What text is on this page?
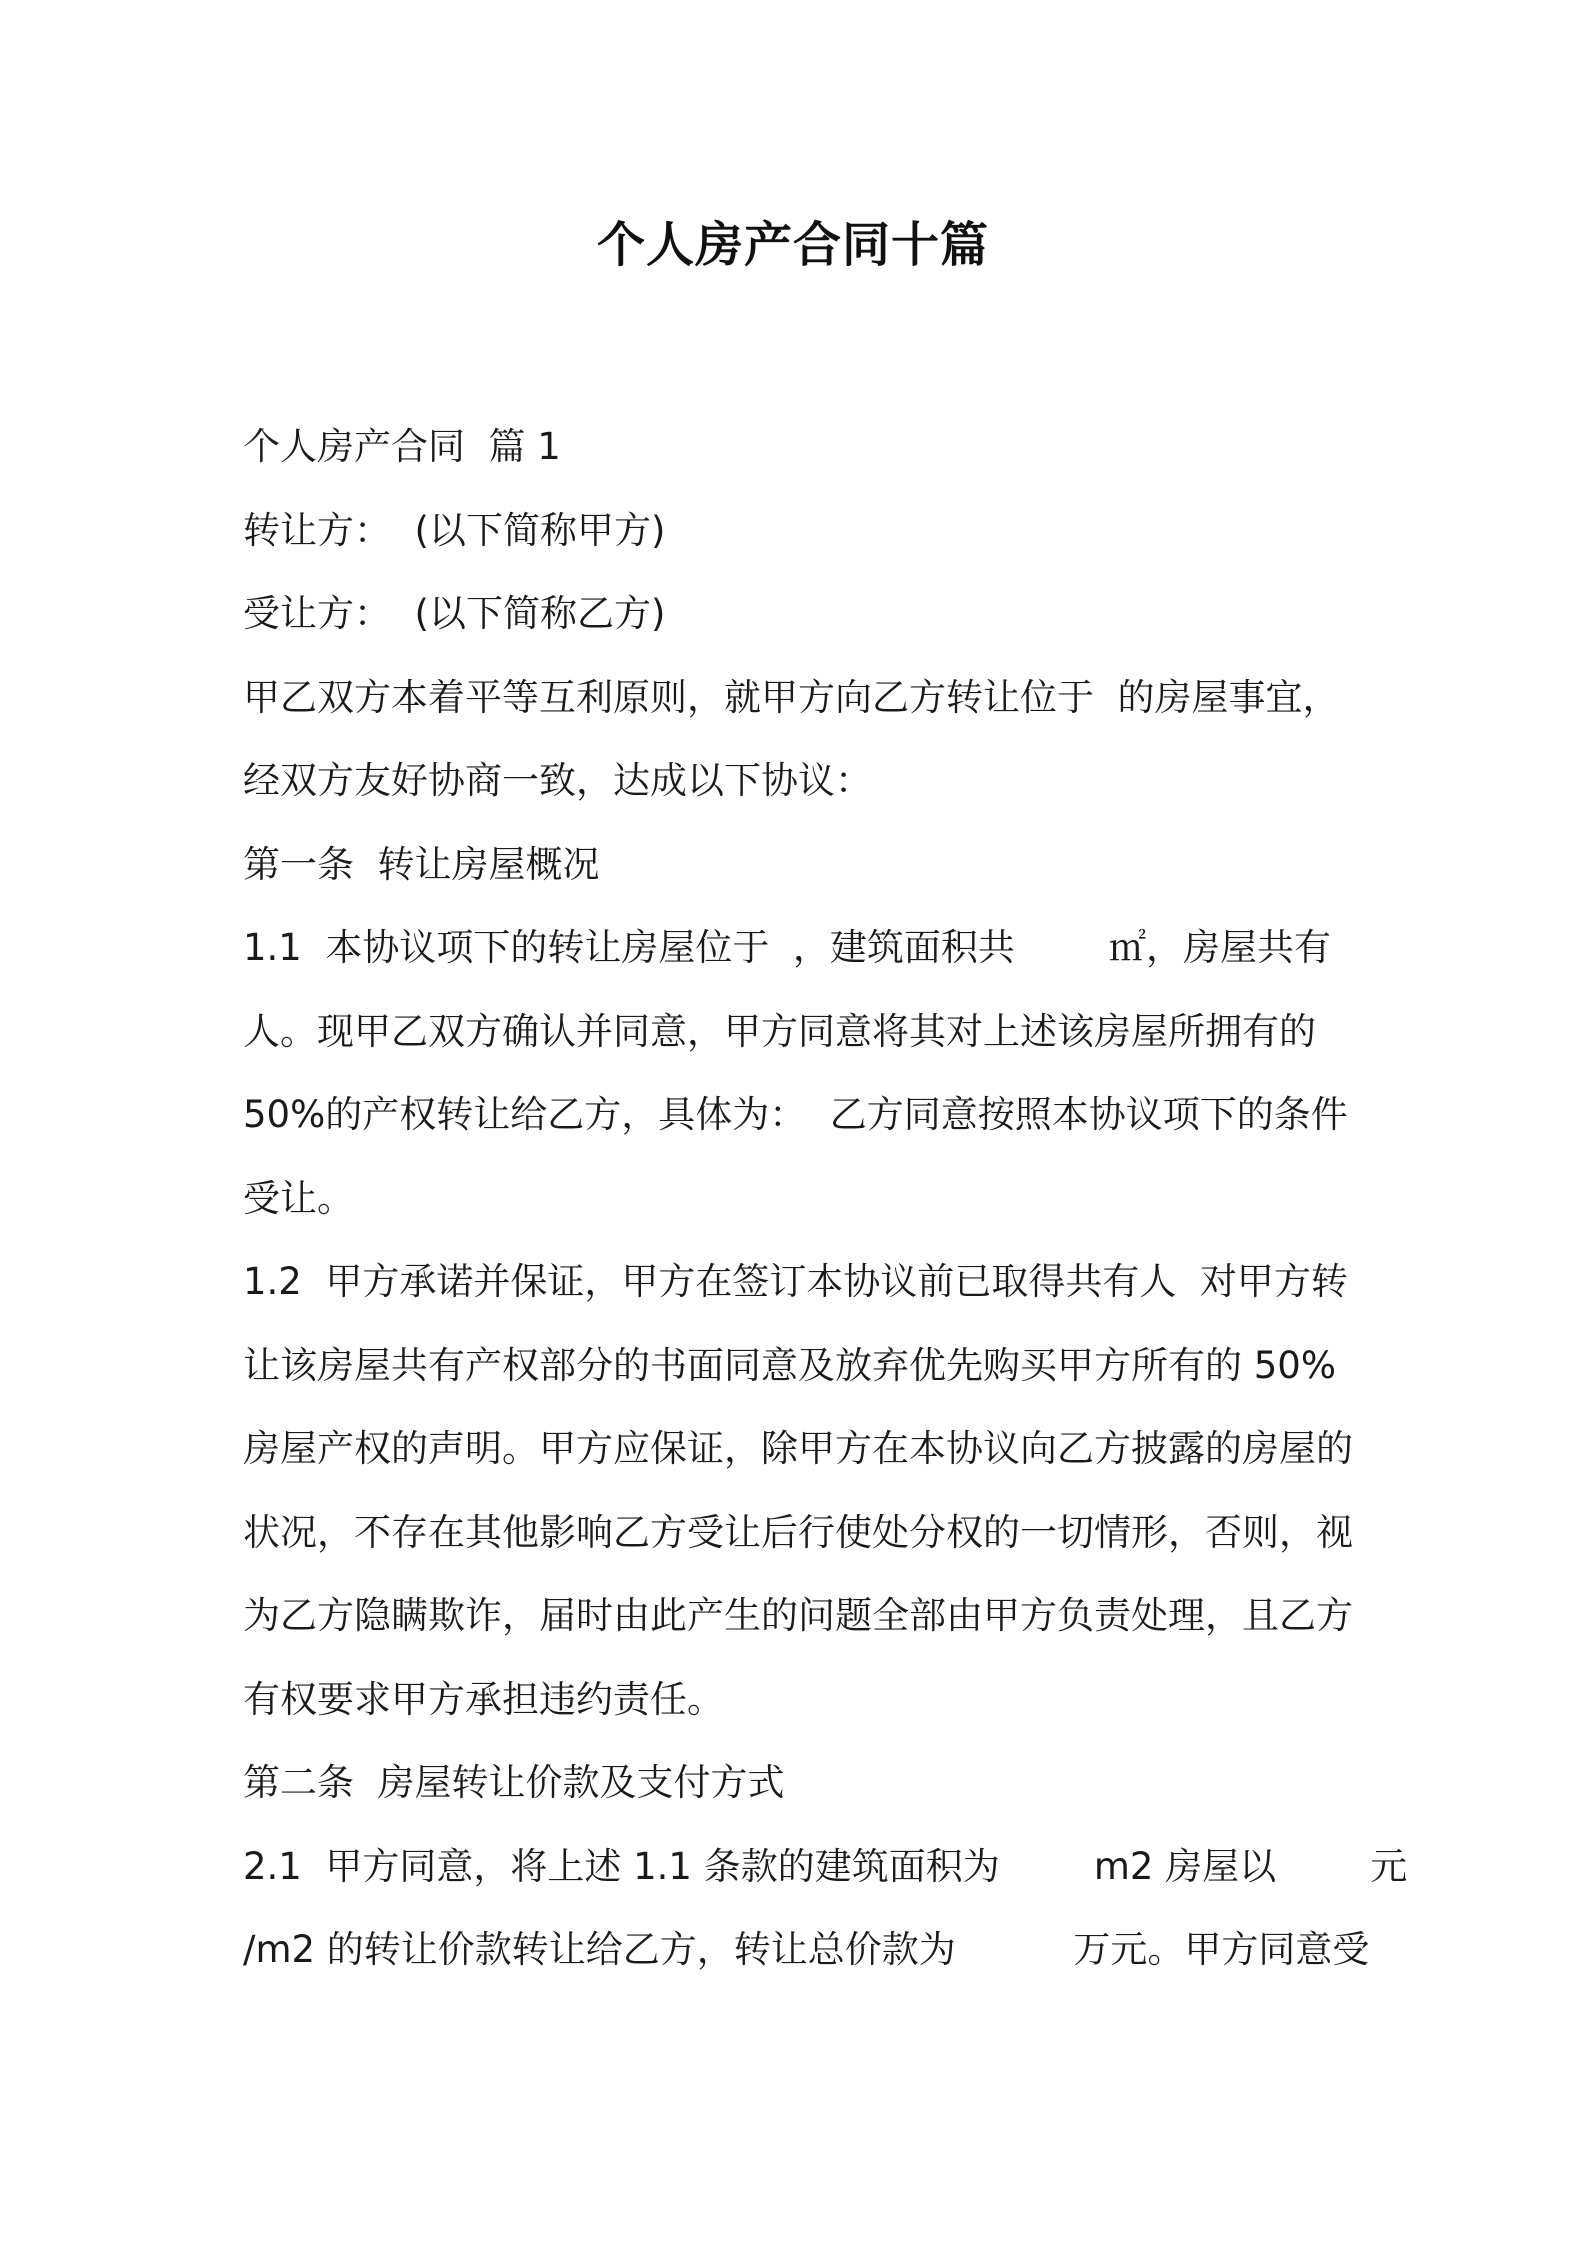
个人房产合同十篇
个人房产合同  篇 1
转让方：  (以下简称甲方)
受让方：  (以下简称乙方)
甲乙双方本着平等互利原则，就甲方向乙方转让位于  的房屋事宜，
经双方友好协商一致，达成以下协议：
第一条  转让房屋概况
1.1  本协议项下的转让房屋位于  ，建筑面积共        ㎡，房屋共有
人。现甲乙双方确认并同意，甲方同意将其对上述该房屋所拥有的
50%的产权转让给乙方，具体为：  乙方同意按照本协议项下的条件
受让。
1.2  甲方承诺并保证，甲方在签订本协议前已取得共有人  对甲方转
让该房屋共有产权部分的书面同意及放弃优先购买甲方所有的 50%
房屋产权的声明。甲方应保证，除甲方在本协议向乙方披露的房屋的
状况，不存在其他影响乙方受让后行使处分权的一切情形，否则，视
为乙方隐瞒欺诈，届时由此产生的问题全部由甲方负责处理，且乙方
有权要求甲方承担违约责任。
第二条  房屋转让价款及支付方式
2.1  甲方同意，将上述 1.1 条款的建筑面积为        m2 房屋以        元
/m2 的转让价款转让给乙方，转让总价款为          万元。甲方同意受
